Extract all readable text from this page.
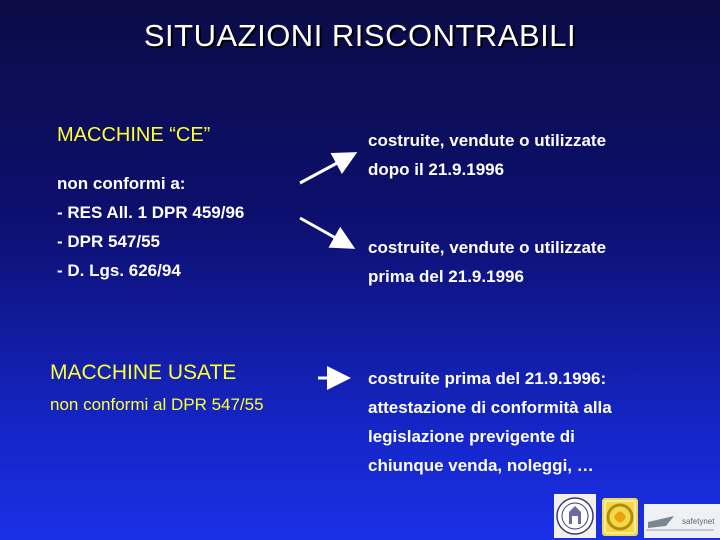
SITUAZIONI RISCONTRABILI
MACCHINE “CE”
non conformi a:
- RES All. 1 DPR 459/96
- DPR 547/55
- D. Lgs. 626/94
costruite, vendute o utilizzate
dopo il 21.9.1996
costruite, vendute o utilizzate
prima del 21.9.1996
MACCHINE USATE
non conformi al DPR 547/55
costruite prima del 21.9.1996:
attestazione di conformità alla
legislazione previgente di
chiunque venda, noleggi, …
safetynet
